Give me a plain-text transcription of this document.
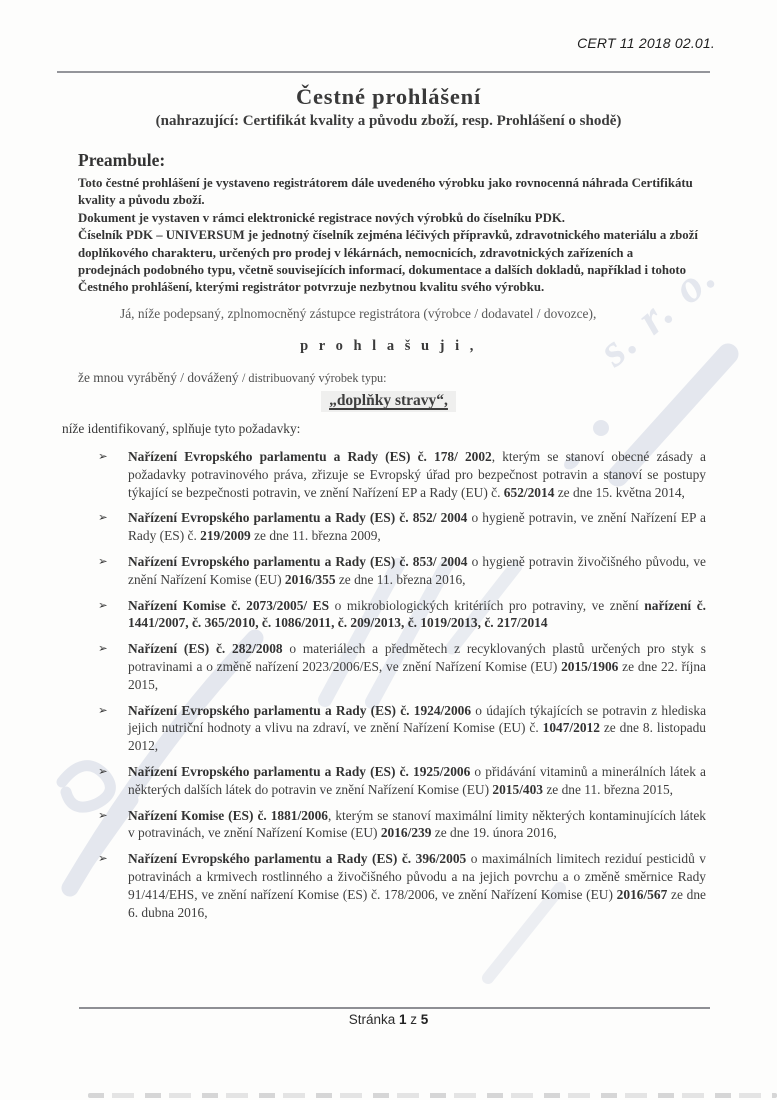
s. r. o.
CERT 11 2018 02.01.
Čestné prohlášení
(nahrazující: Certifikát kvality a původu zboží, resp. Prohlášení o shodě)
Preambule:

Toto čestné prohlášení je vystaveno registrátorem dále uvedeného výrobku jako rovnocenná náhrada Certifikátu kvality a původu zboží.

Dokument je vystaven v rámci elektronické registrace nových výrobků do číselníku PDK.

Číselník PDK – UNIVERSUM je jednotný číselník zejména léčivých přípravků, zdravotnického materiálu a zboží doplňkového charakteru, určených pro prodej v lékárnách, nemocnicích, zdravotnických zařízeních a prodejnách podobného typu, včetně souvisejících informací, dokumentace a dalších dokladů, například i tohoto Čestného prohlášení, kterými registrátor potvrzuje nezbytnou kvalitu svého výrobku.

Já, níže podepsaný, zplnomocněný zástupce registrátora (výrobce / dodavatel / dovozce),
p r o h l a š u j i ,
že mnou vyráběný / dovážený / distribuovaný výrobek typu:
„doplňky stravy“,
níže identifikovaný, splňuje tyto požadavky:
➢ Nařízení Evropského parlamentu a Rady (ES) č. 178/ 2002, kterým se stanoví obecné zásady a požadavky potravinového práva, zřizuje se Evropský úřad pro bezpečnost potravin a stanoví se postupy týkající se bezpečnosti potravin, ve znění Nařízení EP a Rady (EU) č. 652/2014 ze dne 15. května 2014,
➢ Nařízení Evropského parlamentu a Rady (ES) č. 852/ 2004 o hygieně potravin, ve znění Nařízení EP a Rady (ES) č. 219/2009 ze dne 11. března 2009,
➢ Nařízení Evropského parlamentu a Rady (ES) č. 853/ 2004 o hygieně potravin živočišného původu, ve znění Nařízení Komise (EU) 2016/355 ze dne 11. března 2016,
➢ Nařízení Komise č. 2073/2005/ ES o mikrobiologických kritériích pro potraviny, ve znění nařízení č. 1441/2007, č. 365/2010, č. 1086/2011, č. 209/2013, č. 1019/2013, č. 217/2014
➢ Nařízení (ES) č. 282/2008 o materiálech a předmětech z recyklovaných plastů určených pro styk s potravinami a o změně nařízení 2023/2006/ES, ve znění Nařízení Komise (EU) 2015/1906 ze dne 22. října 2015,
➢ Nařízení Evropského parlamentu a Rady (ES) č. 1924/2006 o údajích týkajících se potravin z hlediska jejich nutriční hodnoty a vlivu na zdraví, ve znění Nařízení Komise (EU) č. 1047/2012 ze dne 8. listopadu 2012,
➢ Nařízení Evropského parlamentu a Rady (ES) č. 1925/2006 o přidávání vitaminů a minerálních látek a některých dalších látek do potravin ve znění Nařízení Komise (EU) 2015/403 ze dne 11. března 2015,
➢ Nařízení Komise (ES) č. 1881/2006, kterým se stanoví maximální limity některých kontaminujících látek v potravinách, ve znění Nařízení Komise (EU) 2016/239 ze dne 19. února 2016,
➢ Nařízení Evropského parlamentu a Rady (ES) č. 396/2005 o maximálních limitech reziduí pesticidů v potravinách a krmivech rostlinného a živočišného původu a na jejich povrchu a o změně směrnice Rady 91/414/EHS, ve znění nařízení Komise (ES) č. 178/2006, ve znění Nařízení Komise (EU) 2016/567 ze dne 6. dubna 2016,
Stránka 1 z 5
